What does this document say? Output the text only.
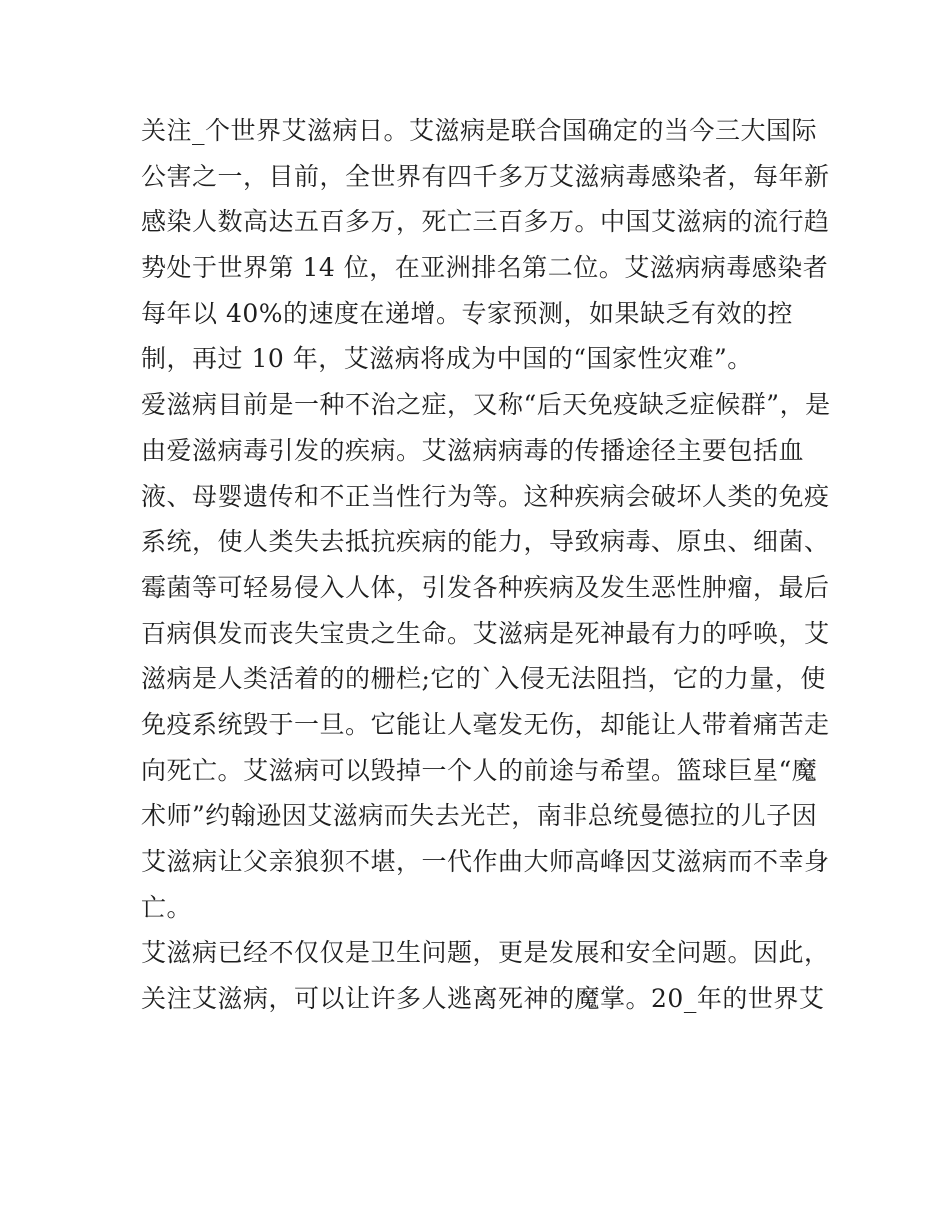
关注_个世界艾滋病日。艾滋病是联合国确定的当今三大国际
公害之一，目前，全世界有四千多万艾滋病毒感染者，每年新
感染人数高达五百多万，死亡三百多万。中国艾滋病的流行趋
势处于世界第 14 位，在亚洲排名第二位。艾滋病病毒感染者
每年以 40%的速度在递增。专家预测，如果缺乏有效的控
制，再过 10 年，艾滋病将成为中国的“国家性灾难”。
爱滋病目前是一种不治之症，又称“后天免疫缺乏症候群”，是
由爱滋病毒引发的疾病。艾滋病病毒的传播途径主要包括血
液、母婴遗传和不正当性行为等。这种疾病会破坏人类的免疫
系统，使人类失去抵抗疾病的能力，导致病毒、原虫、细菌、
霉菌等可轻易侵入人体，引发各种疾病及发生恶性肿瘤，最后
百病俱发而丧失宝贵之生命。艾滋病是死神最有力的呼唤，艾
滋病是人类活着的的栅栏;它的`入侵无法阻挡，它的力量，使
免疫系统毁于一旦。它能让人毫发无伤，却能让人带着痛苦走
向死亡。艾滋病可以毁掉一个人的前途与希望。篮球巨星“魔
术师”约翰逊因艾滋病而失去光芒，南非总统曼德拉的儿子因
艾滋病让父亲狼狈不堪，一代作曲大师高峰因艾滋病而不幸身
亡。
艾滋病已经不仅仅是卫生问题，更是发展和安全问题。因此，
关注艾滋病，可以让许多人逃离死神的魔掌。20_年的世界艾
